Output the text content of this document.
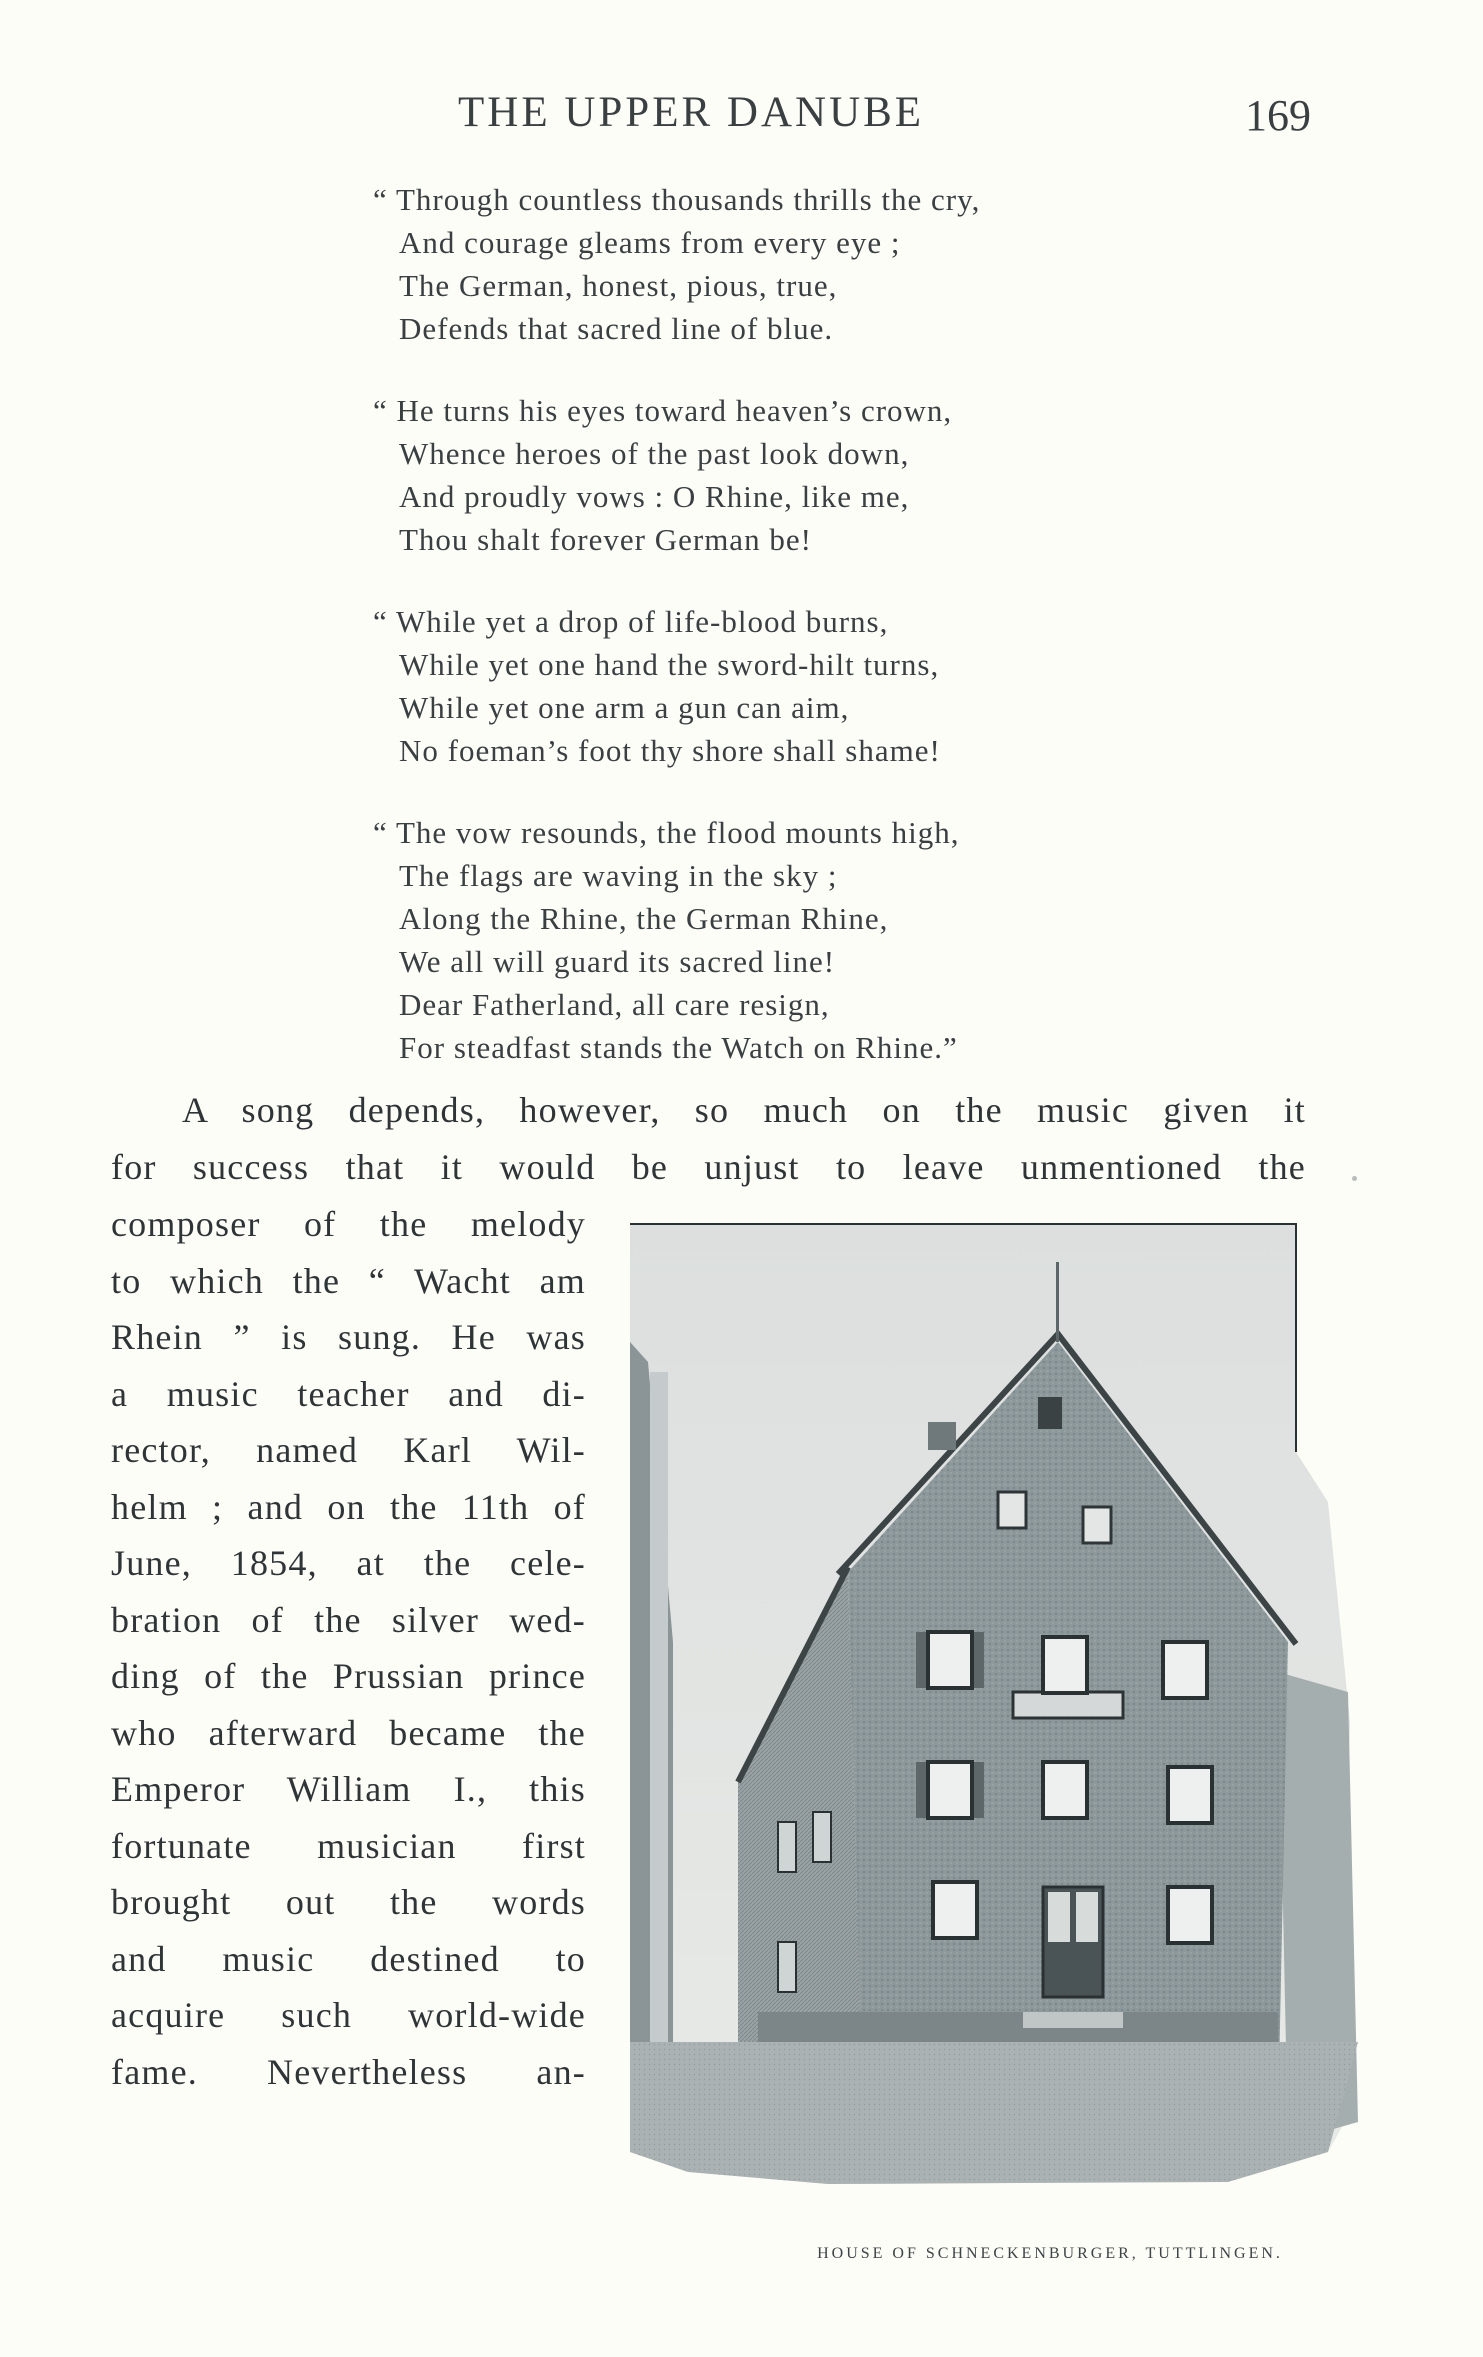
THE UPPER DANUBE	169
“ Through countless thousands thrills the cry,
And courage gleams from every eye ;
The German, honest, pious, true,
Defends that sacred line of blue.
“ He turns his eyes toward heaven’s crown,
Whence heroes of the past look down,
And proudly vows : O Rhine, like me,
Thou shalt forever German be!
“ While yet a drop of life-blood burns,
While yet one hand the sword-hilt turns,
While yet one arm a gun can aim,
No foeman’s foot thy shore shall shame!
“ The vow resounds, the flood mounts high,
The flags are waving in the sky ;
Along the Rhine, the German Rhine,
We all will guard its sacred line!
Dear Fatherland, all care resign,
For steadfast stands the Watch on Rhine.”
A song depends, however, so much on the music given it
for success that it would be unjust to leave unmentioned the
composer of the melody
to which the “ Wacht am
Rhein ” is sung. He was
a music teacher and di-
rector, named Karl Wil-
helm ; and on the 11th of
June, 1854, at the cele-
bration of the silver wed-
ding of the Prussian prince
who afterward became the
Emperor William I., this
fortunate musician first
brought out the words
and music destined to
acquire such world-wide
fame. Nevertheless an-
HOUSE OF SCHNECKENBURGER, TUTTLINGEN.
